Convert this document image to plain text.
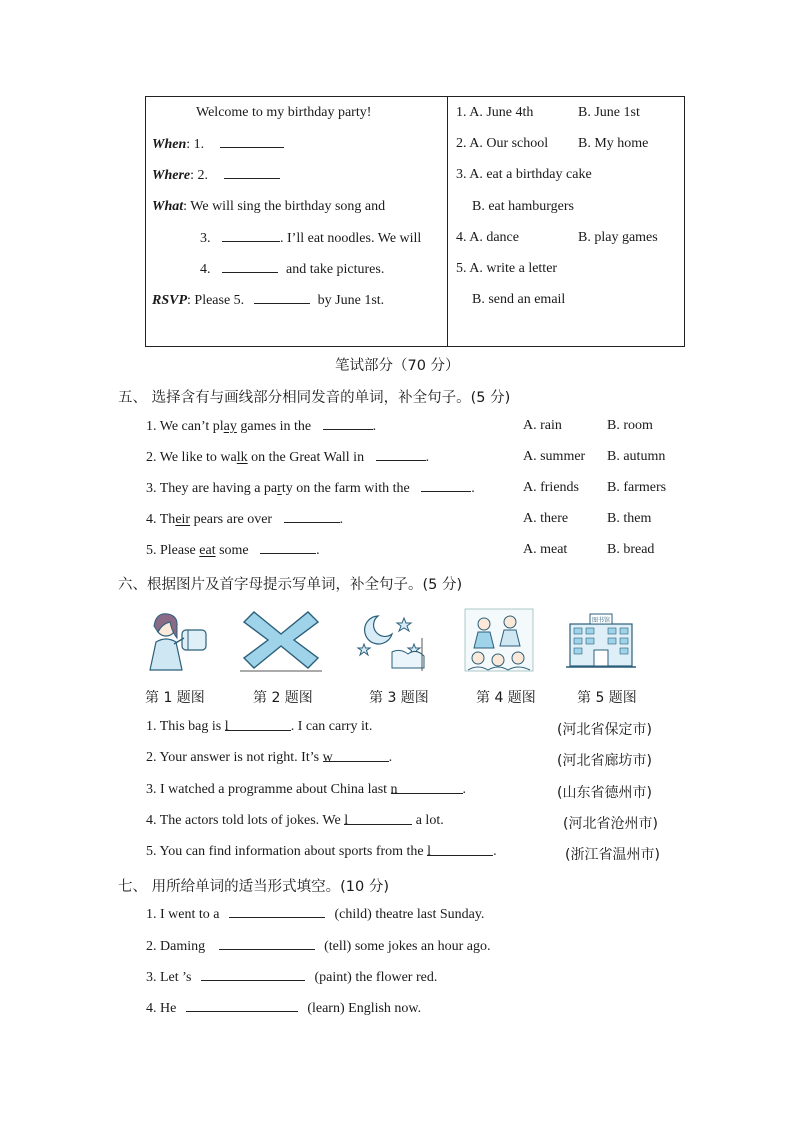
Welcome to my birthday party!
When: 1.
Where: 2.
What: We will sing the birthday song and
3.	. I’ll eat noodles. We will
4.	and take pictures.
RSVP: Please 5.	by June 1st.
1. A. June 4th	B. June 1st
2. A. Our school B. My home
3. A. eat a birthday cake
B. eat hamburgers
4. A. dance	B. play games
5. A. write a letter
B. send an email
笔试部分（70 分）
五、 选择含有与画线部分相同发音的单词，补全句子。(5 分)
1. We can’t play games in the	.	A. rain	B. room
2. We like to walk on the Great Wall in	.	A. summer B. autumn
3. They are having a party on the farm with the	.	A. friends B. farmers
4. Their pears are over	.	A. there	B. them
5. Please eat some	.	A. meat	B. bread
六、根据图片及首字母提示写单词，补全句子。(5 分)
图书馆
第 1 题图	第 2 题图	第 3 题图	第 4 题图	第 5 题图
1. This bag is l	. I can carry it.	(河北省保定市)
2. Your answer is not right. It’s w	.	(河北省廊坊市)
3. I watched a programme about China last n	.	(山东省德州市)
4. The actors told lots of jokes. We l	a lot.	(河北省沧州市)
5. You can find information about sports from the l	.	(浙江省温州市)
七、 用所给单词的适当形式填空。(10 分)
1. I went to a	(child) theatre last Sunday.
2. Daming	(tell) some jokes an hour ago.
3. Let ’s	(paint) the flower red.
4. He	(learn) English now.
